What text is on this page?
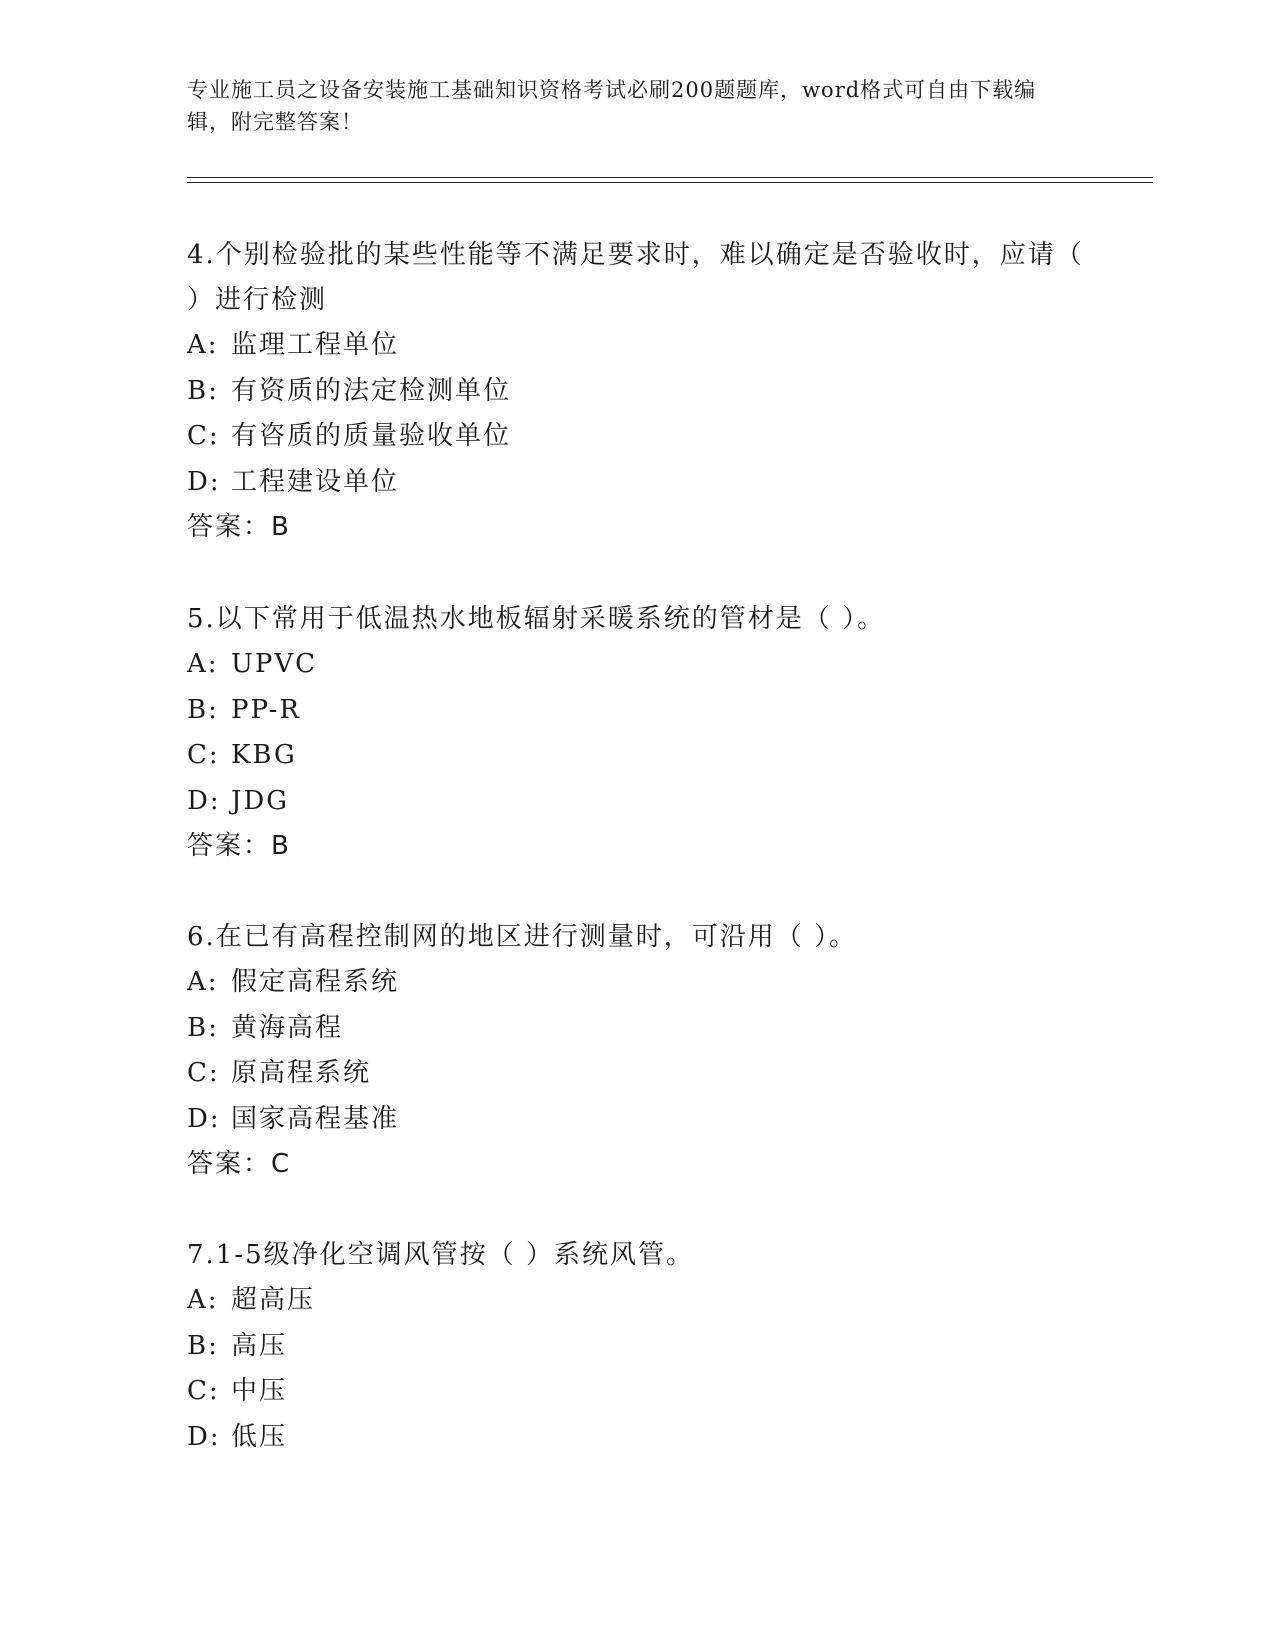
专业施工员之设备安装施工基础知识资格考试必刷200题题库，word格式可自由下载编辑，附完整答案！

4.个别检验批的某些性能等不满足要求时，难以确定是否验收时，应请（ ）进行检测

A: 监理工程单位

B: 有资质的法定检测单位

C: 有咨质的质量验收单位

D: 工程建设单位

答案：B

5.以下常用于低温热水地板辐射采暖系统的管材是（ ）。

A: UPVC

B: PP-R

C: KBG

D: JDG

答案：B

6.在已有高程控制网的地区进行测量时，可沿用（ ）。

A: 假定高程系统

B: 黄海高程

C: 原高程系统

D: 国家高程基准

答案：C

7.1-5级净化空调风管按（ ）系统风管。

A: 超高压

B: 高压

C: 中压

D: 低压
